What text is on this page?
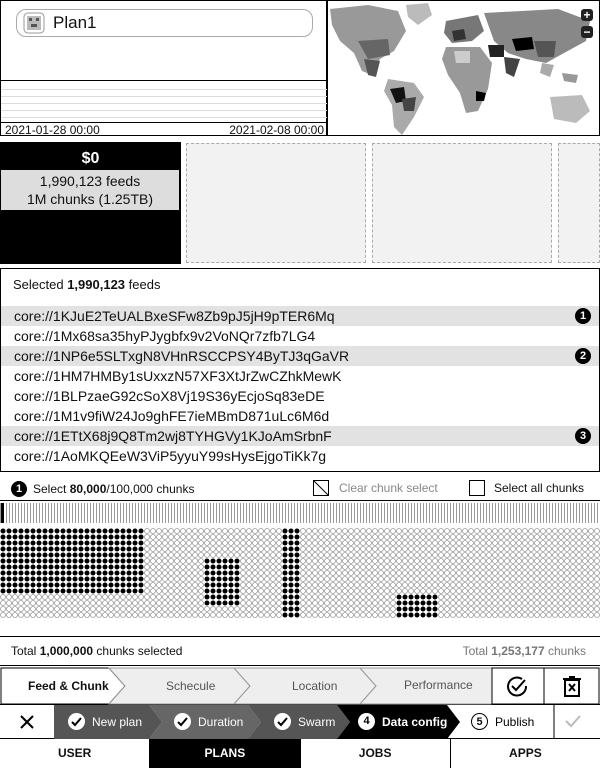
Plan1
2021-01-28 00:00	2021-02-08 00:00
+
−
$0
1,990,123 feeds
1M chunks (1.25TB)
Selected 1,990,123 feeds
core://1KJuE2TeUALBxeSFw8Zb9pJ5jH9pTER6Mq	1
core://1Mx68sa35hyPJygbfx9v2VoNQr7zfb7LG4
core://1NP6e5SLTxgN8VHnRSCCPSY4ByTJ3qGaVR	2
core://1HM7HMBy1sUxxzN57XF3XtJrZwCZhkMewK
core://1BLPzaeG92cSoX8Vj19S36yEcjoSq83eDE
core://1M1v9fiW24Jo9ghFE7ieMBmD871uLc6M6d
core://1ETtX68j9Q8Tm2wj8TYHGVy1KJoAmSrbnF	3
core://1AoMKQEeW3ViP5yyuY99sHysEjgoTiKk7g
1 Select 80,000/100,000 chunks	Clear chunk select	Select all chunks
Total 1,000,000 chunks selected	Total 1,253,177 chunks
Feed & Chunk	Schecule	Location	Performance
New plan	Duration	Swarm	4	Data config	5	Publish
USER	PLANS	JOBS	APPS
